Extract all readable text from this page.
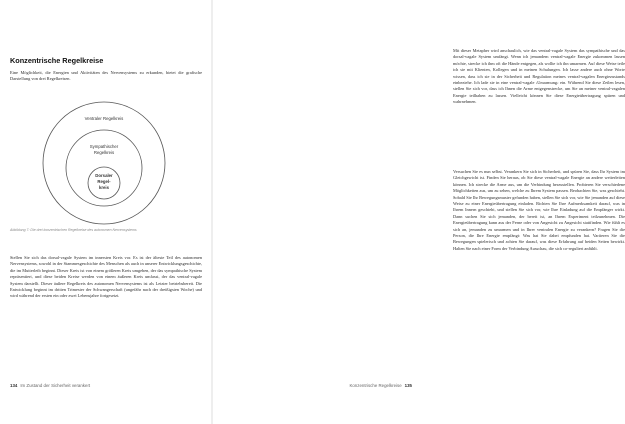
Konzentrische Regelkreise
Eine Möglichkeit, die Energien und Aktivitäten des Nervensystems zu erkunden, bietet die grafische Darstellung von drei Regelkreisen.
Ventraler Regelkreis
Sympathischer
Regelkreis
Dorsaler
Regel-
kreis
Abbildung 7: Die drei konzentrischen Regelkreise des autonomen Nervensystems
Stellen Sie sich das dorsal-vagale System im innersten Kreis vor. Es ist der älteste Teil des autonomen Nervensystems, sowohl in der Stammesgeschichte des Menschen als auch in unserer Entwicklungsgeschichte, die im Mutterleib beginnt. Dieser Kreis ist von einem größeren Kreis umgeben, der das sympathische System repräsentiert, und diese beiden Kreise werden von einem äußeren Kreis umfasst, der das ventral-vagale System darstellt. Dieser äußere Regelkreis des autonomen Nervensystems ist als Letzter betriebsbereit. Die Entwicklung beginnt im dritten Trimester der Schwangerschaft (ungefähr nach der dreißigsten Woche) und wird während der ersten ein oder zwei Lebensjahre fortgesetzt.
134 Im Zustand der Sicherheit verankert
Mit dieser Metapher wird anschaulich, wie das ventral-vagale System das sympathische und das dorsal-vagale System umfängt. Wenn ich jemandem ventral-vagale Energie zukommen lassen möchte, strecke ich ihm oft die Hände entgegen, als wollte ich ihn umarmen. Auf diese Weise teile ich sie mit Klienten, Kollegen und in meinen Schulungen. Ich lasse andere auch ohne Worte wissen, dass ich sie in der Sicherheit und Regulation meines ventral-vagalen Energiezustands einbeziehe. Ich lade sie in eine ventral-vagale ›Umarmung‹ ein. Während Sie diese Zeilen lesen, stellen Sie sich vor, dass ich Ihnen die Arme entgegenstrecke, um Sie an meiner ventral-vagalen Energie teilhaben zu lassen. Vielleicht können Sie diese Energieübertragung spüren und wahrnehmen.
Versuchen Sie es nun selbst. Verankern Sie sich in Sicherheit, und spüren Sie, dass Ihr System im Gleichgewicht ist. Finden Sie heraus, ob Sie diese ventral-vagale Energie an andere weiterleiten können. Ich strecke die Arme aus, um die Verbindung herzustellen. Probieren Sie verschiedene Möglichkeiten aus, um zu sehen, welche zu Ihrem System passen. Beobachten Sie, was geschieht. Sobald Sie Ihr Bewegungsmuster gefunden haben, stellen Sie sich vor, wie Sie jemanden auf diese Weise zu einer Energieübertragung einladen. Richten Sie Ihre Aufmerksamkeit darauf, was in Ihrem Innern geschieht, und stellen Sie sich vor, wie Ihre Einladung auf die Empfänger wirkt. Dann suchen Sie sich jemanden, der bereit ist, an Ihrem Experiment teilzunehmen. Die Energieübertragung kann aus der Ferne oder von Angesicht zu Angesicht stattfinden. Wie fühlt es sich an, jemanden zu umarmen und in Ihrer ventralen Energie zu verankern? Fragen Sie die Person, die Ihre Energie empfängt: Was hat Sie dabei empfunden hat. Variieren Sie die Bewegungen spielerisch und achten Sie darauf, was diese Erfahrung auf beiden Seiten bewirkt. Halten Sie nach einer Form der Verbindung Ausschau, die sich co-reguliert anfühlt.
Konzentrische Regelkreise 135
